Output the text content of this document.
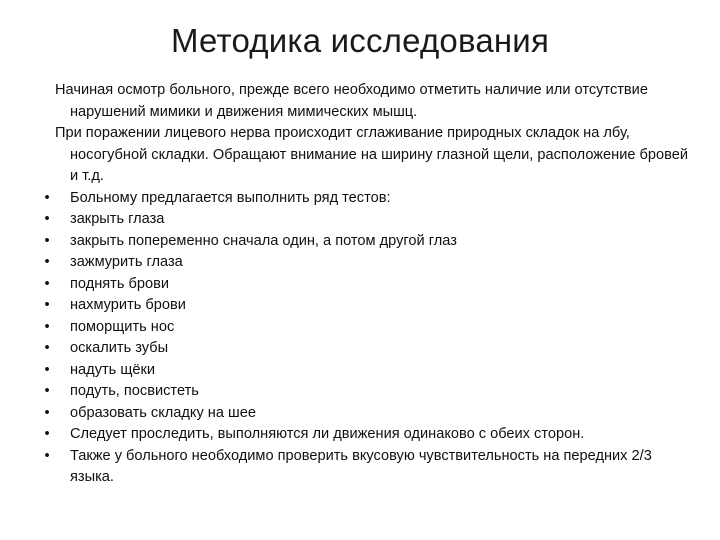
Методика исследования

Начиная осмотр больного, прежде всего необходимо отметить наличие или отсутствие нарушений мимики и движения мимических мышц.

При поражении лицевого нерва происходит сглаживание природных складок на лбу, носогубной складки. Обращают внимание на ширину глазной щели, расположение бровей и т.д.

• Больному предлагается выполнить ряд тестов:
• закрыть глаза
• закрыть попеременно сначала один, а потом другой глаз
• зажмурить глаза
• поднять брови
• нахмурить брови
• поморщить нос
• оскалить зубы
• надуть щёки
• подуть, посвистеть
• образовать складку на шее
• Следует проследить, выполняются ли движения одинаково с обеих сторон.
• Также у больного необходимо проверить вкусовую чувствительность на передних 2/3 языка.
